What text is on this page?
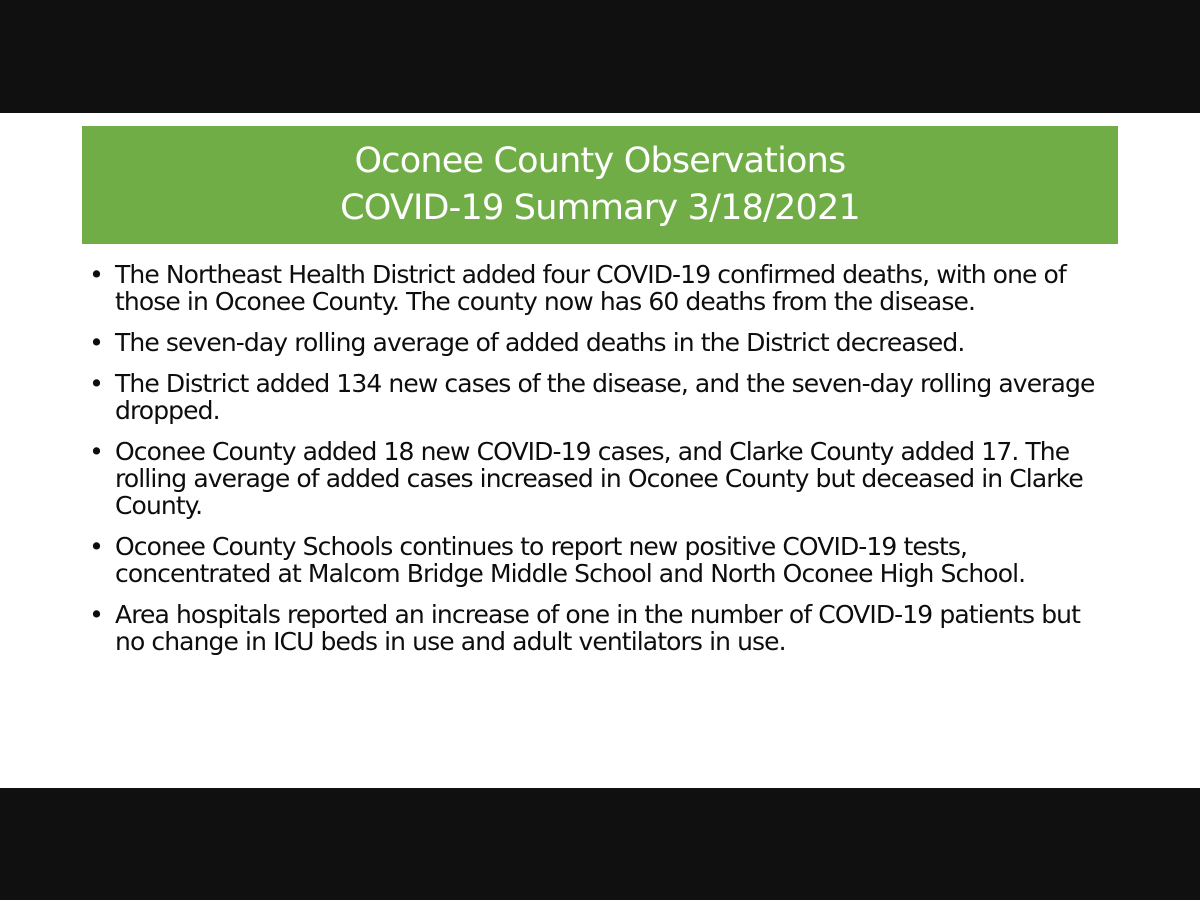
Oconee County Observations
COVID-19 Summary 3/18/2021
• The Northeast Health District added four COVID-19 confirmed deaths, with one of those in Oconee County. The county now has 60 deaths from the disease.
• The seven-day rolling average of added deaths in the District decreased.
• The District added 134 new cases of the disease, and the seven-day rolling average dropped.
• Oconee County added 18 new COVID-19 cases, and Clarke County added 17. The rolling average of added cases increased in Oconee County but deceased in Clarke County.
• Oconee County Schools continues to report new positive COVID-19 tests, concentrated at Malcom Bridge Middle School and North Oconee High School.
• Area hospitals reported an increase of one in the number of COVID-19 patients but no change in ICU beds in use and adult ventilators in use.
